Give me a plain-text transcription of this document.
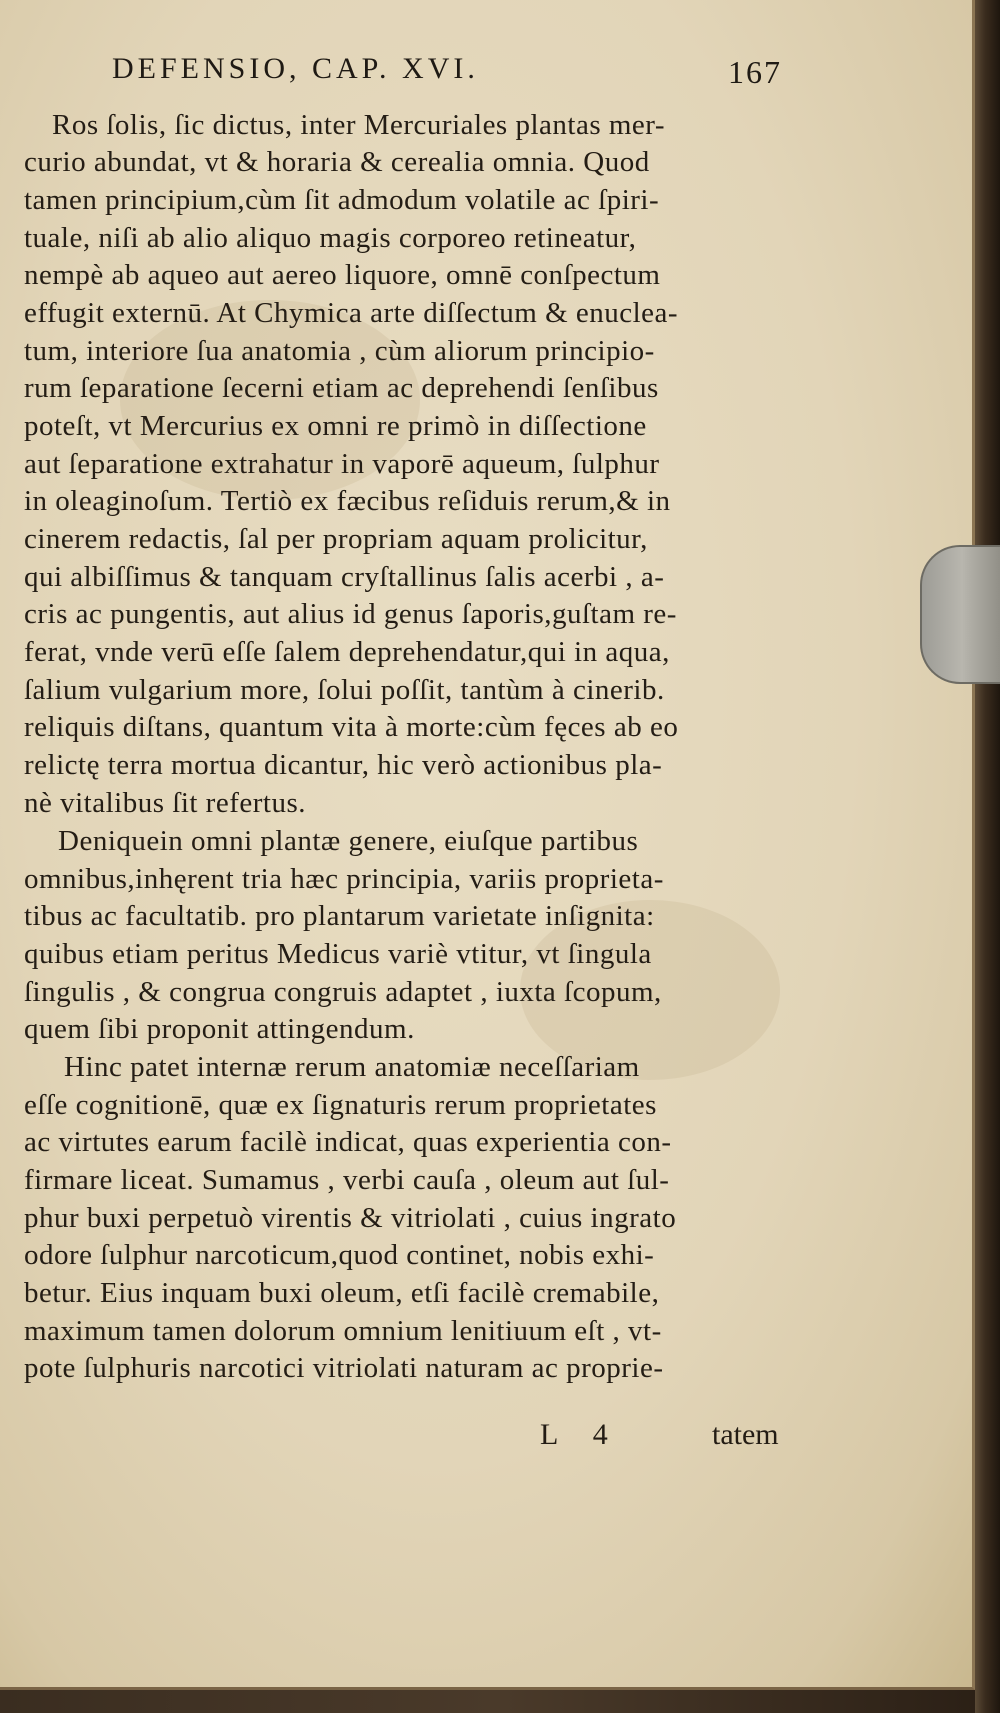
DEFENSIO, CAP. XVI.	167
Ros ſolis, ſic dictus, inter Mercuriales plantas mer-
curio abundat, vt & horaria & cerealia omnia. Quod
tamen principium,cùm ſit admodum volatile ac ſpiri-
tuale, niſi ab alio aliquo magis corporeo retineatur,
nempè ab aqueo aut aereo liquore, omnē conſpectum
effugit externū. At Chymica arte diſſectum & enuclea-
tum, interiore ſua anatomia , cùm aliorum principio-
rum ſeparatione ſecerni etiam ac deprehendi ſenſibus
poteſt, vt Mercurius ex omni re primò in diſſectione
aut ſeparatione extrahatur in vaporē aqueum, ſulphur
in oleaginoſum. Tertiò ex fæcibus reſiduis rerum,& in
cinerem redactis, ſal per propriam aquam prolicitur,
qui albiſſimus & tanquam cryſtallinus ſalis acerbi , a-
cris ac pungentis, aut alius id genus ſaporis,guſtam re-
ferat, vnde verū eſſe ſalem deprehendatur,qui in aqua,
ſalium vulgarium more, ſolui poſſit, tantùm à cinerib.
reliquis diſtans, quantum vita à morte:cùm fęces ab eo
relictę terra mortua dicantur, hic verò actionibus pla-
nè vitalibus ſit refertus.
Deniquein omni plantæ genere, eiuſque partibus
omnibus,inhęrent tria hæc principia, variis proprieta-
tibus ac facultatib. pro plantarum varietate inſignita:
quibus etiam peritus Medicus variè vtitur, vt ſingula
ſingulis , & congrua congruis adaptet , iuxta ſcopum,
quem ſibi proponit attingendum.
Hinc patet internæ rerum anatomiæ neceſſariam
eſſe cognitionē, quæ ex ſignaturis rerum proprietates
ac virtutes earum facilè indicat, quas experientia con-
firmare liceat. Sumamus , verbi cauſa , oleum aut ſul-
phur buxi perpetuò virentis & vitriolati , cuius ingrato
odore ſulphur narcoticum,quod continet, nobis exhi-
betur. Eius inquam buxi oleum, etſi facilè cremabile,
maximum tamen dolorum omnium lenitiuum eſt , vt-
pote ſulphuris narcotici vitriolati naturam ac proprie-
L 4	tatem
